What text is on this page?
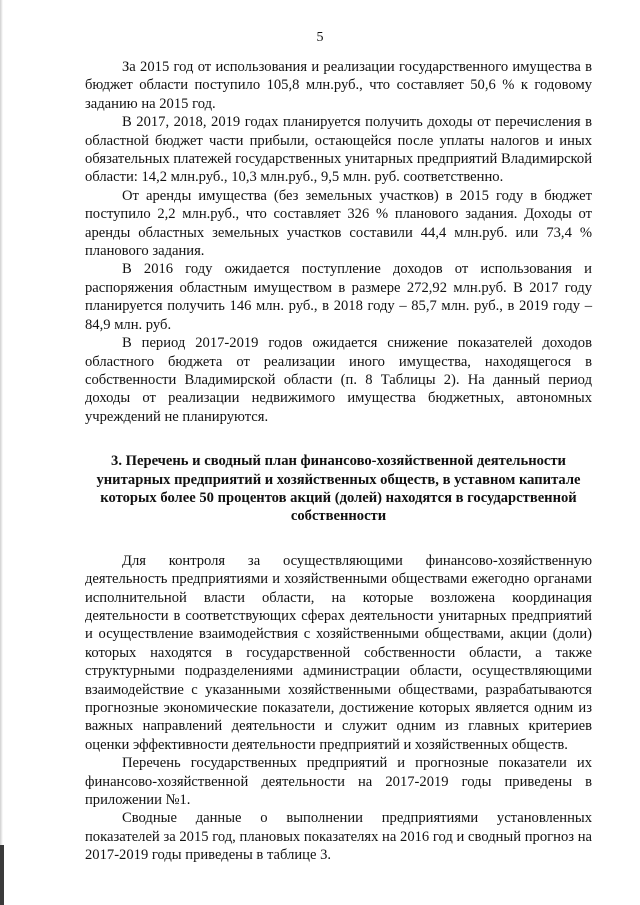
5

За 2015 год от использования и реализации государственного имущества в бюджет области поступило 105,8 млн.руб., что составляет 50,6 % к годовому заданию на 2015 год.

В 2017, 2018, 2019 годах планируется получить доходы от перечисления в областной бюджет части прибыли, остающейся после уплаты налогов и иных обязательных платежей государственных унитарных предприятий Владимирской области: 14,2 млн.руб., 10,3 млн.руб., 9,5 млн. руб. соответственно.

От аренды имущества (без земельных участков) в 2015 году в бюджет поступило 2,2 млн.руб., что составляет 326 % планового задания. Доходы от аренды областных земельных участков составили 44,4 млн.руб. или 73,4 % планового задания.

В 2016 году ожидается поступление доходов от использования и распоряжения областным имуществом в размере 272,92 млн.руб. В 2017 году планируется получить 146 млн. руб., в 2018 году – 85,7 млн. руб., в 2019 году – 84,9 млн. руб.

В период 2017-2019 годов ожидается снижение показателей доходов областного бюджета от реализации иного имущества, находящегося в собственности Владимирской области (п. 8 Таблицы 2). На данный период доходы от реализации недвижимого имущества бюджетных, автономных учреждений не планируются.

3. Перечень и сводный план финансово-хозяйственной деятельности унитарных предприятий и хозяйственных обществ, в уставном капитале которых более 50 процентов акций (долей) находятся в государственной собственности

Для контроля за осуществляющими финансово-хозяйственную деятельность предприятиями и хозяйственными обществами ежегодно органами исполнительной власти области, на которые возложена координация деятельности в соответствующих сферах деятельности унитарных предприятий и осуществление взаимодействия с хозяйственными обществами, акции (доли) которых находятся в государственной собственности области, а также структурными подразделениями администрации области, осуществляющими взаимодействие с указанными хозяйственными обществами, разрабатываются прогнозные экономические показатели, достижение которых является одним из важных направлений деятельности и служит одним из главных критериев оценки эффективности деятельности предприятий и хозяйственных обществ.

Перечень государственных предприятий и прогнозные показатели их финансово-хозяйственной деятельности на 2017-2019 годы приведены в приложении №1.

Сводные данные о выполнении предприятиями установленных показателей за 2015 год, плановых показателях на 2016 год и сводный прогноз на 2017-2019 годы приведены в таблице 3.
